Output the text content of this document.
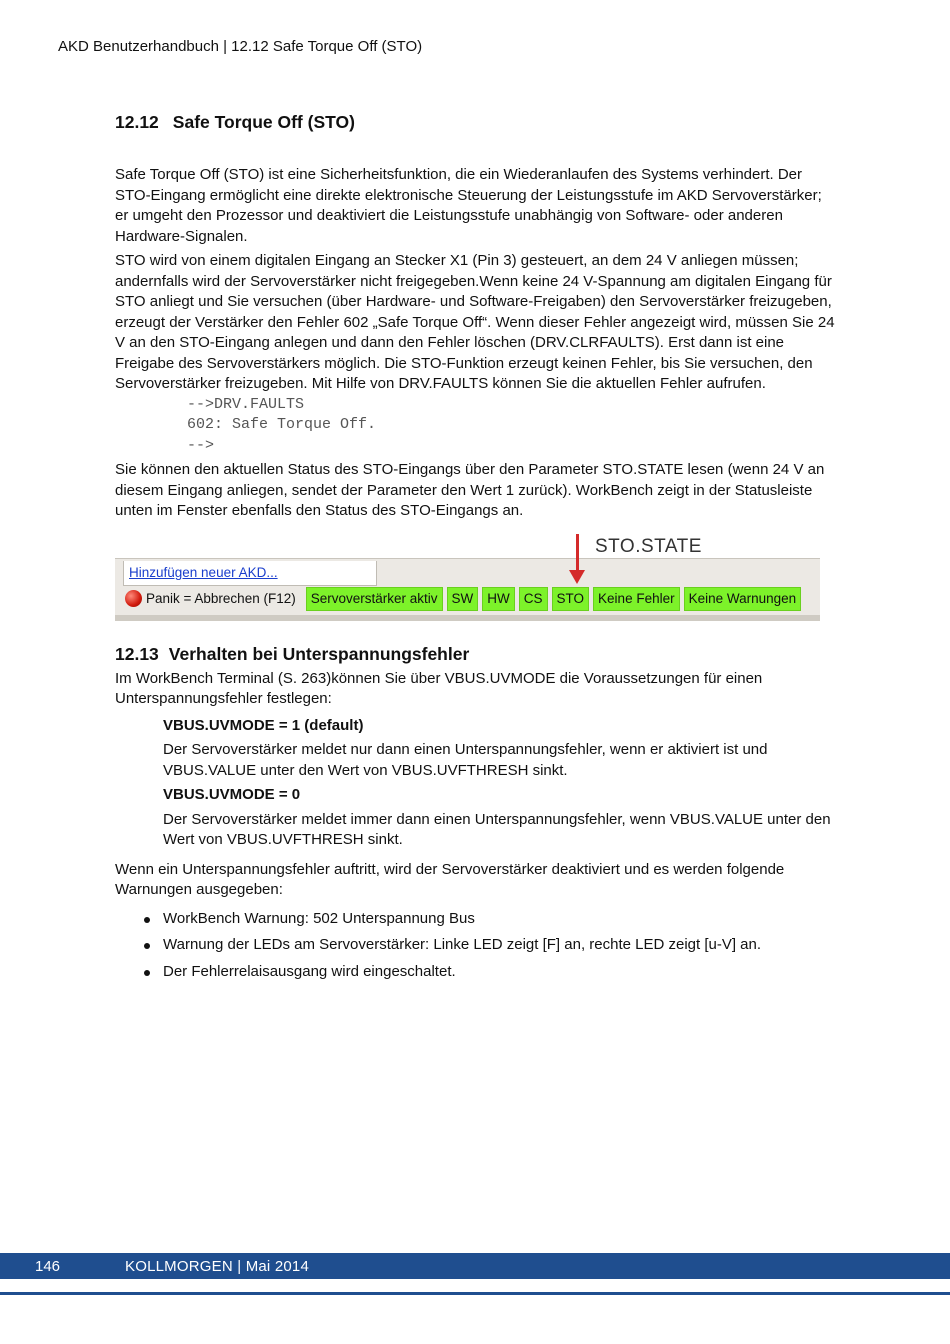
AKD Benutzerhandbuch | 12.12 Safe Torque Off (STO)
12.12 Safe Torque Off (STO)

Safe Torque Off (STO) ist eine Sicherheitsfunktion, die ein Wiederanlaufen des Systems verhindert. Der STO-Eingang ermöglicht eine direkte elektronische Steuerung der Leistungsstufe im AKD Servoverstärker; er umgeht den Prozessor und deaktiviert die Leistungsstufe unabhängig von Software- oder anderen Hardware-Signalen.

STO wird von einem digitalen Eingang an Stecker X1 (Pin 3) gesteuert, an dem 24 V anliegen müssen; andernfalls wird der Servoverstärker nicht freigegeben.Wenn keine 24 V-Spannung am digitalen Eingang für STO anliegt und Sie versuchen (über Hardware- und Software-Freigaben) den Servoverstärker freizugeben, erzeugt der Verstärker den Fehler 602 „Safe Torque Off“. Wenn dieser Fehler angezeigt wird, müssen Sie 24 V an den STO-Eingang anlegen und dann den Fehler löschen (DRV.CLRFAULTS). Erst dann ist eine Freigabe des Servoverstärkers möglich. Die STO-Funktion erzeugt keinen Fehler, bis Sie versuchen, den Servoverstärker freizugeben. Mit Hilfe von DRV.FAULTS können Sie die aktuellen Fehler aufrufen.

-->DRV.FAULTS
602: Safe Torque Off.
-->

Sie können den aktuellen Status des STO-Eingangs über den Parameter STO.STATE lesen (wenn 24 V an diesem Eingang anliegen, sendet der Parameter den Wert 1 zurück). WorkBench zeigt in der Statusleiste unten im Fenster ebenfalls den Status des STO-Eingangs an.

Hinzufügen neuer AKD...
Panik = Abbrechen (F12)	Servoverstärker aktiv	SW	HW	CS	STO	Keine Fehler	Keine Warnungen
STO.STATE
12.13 Verhalten bei Unterspannungsfehler

Im WorkBench Terminal (S. 263)können Sie über VBUS.UVMODE die Voraussetzungen für einen Unterspannungsfehler festlegen:

VBUS.UVMODE = 1 (default)

Der Servoverstärker meldet nur dann einen Unterspannungsfehler, wenn er aktiviert ist und VBUS.VALUE unter den Wert von VBUS.UVFTHRESH sinkt.

VBUS.UVMODE = 0

Der Servoverstärker meldet immer dann einen Unterspannungsfehler, wenn VBUS.VALUE unter den Wert von VBUS.UVFTHRESH sinkt.

Wenn ein Unterspannungsfehler auftritt, wird der Servoverstärker deaktiviert und es werden folgende Warnungen ausgegeben:

WorkBench Warnung: 502 Unterspannung Bus
Warnung der LEDs am Servoverstärker: Linke LED zeigt [F] an, rechte LED zeigt [u-V] an.
Der Fehlerrelaisausgang wird eingeschaltet.
146	KOLLMORGEN | Mai 2014
